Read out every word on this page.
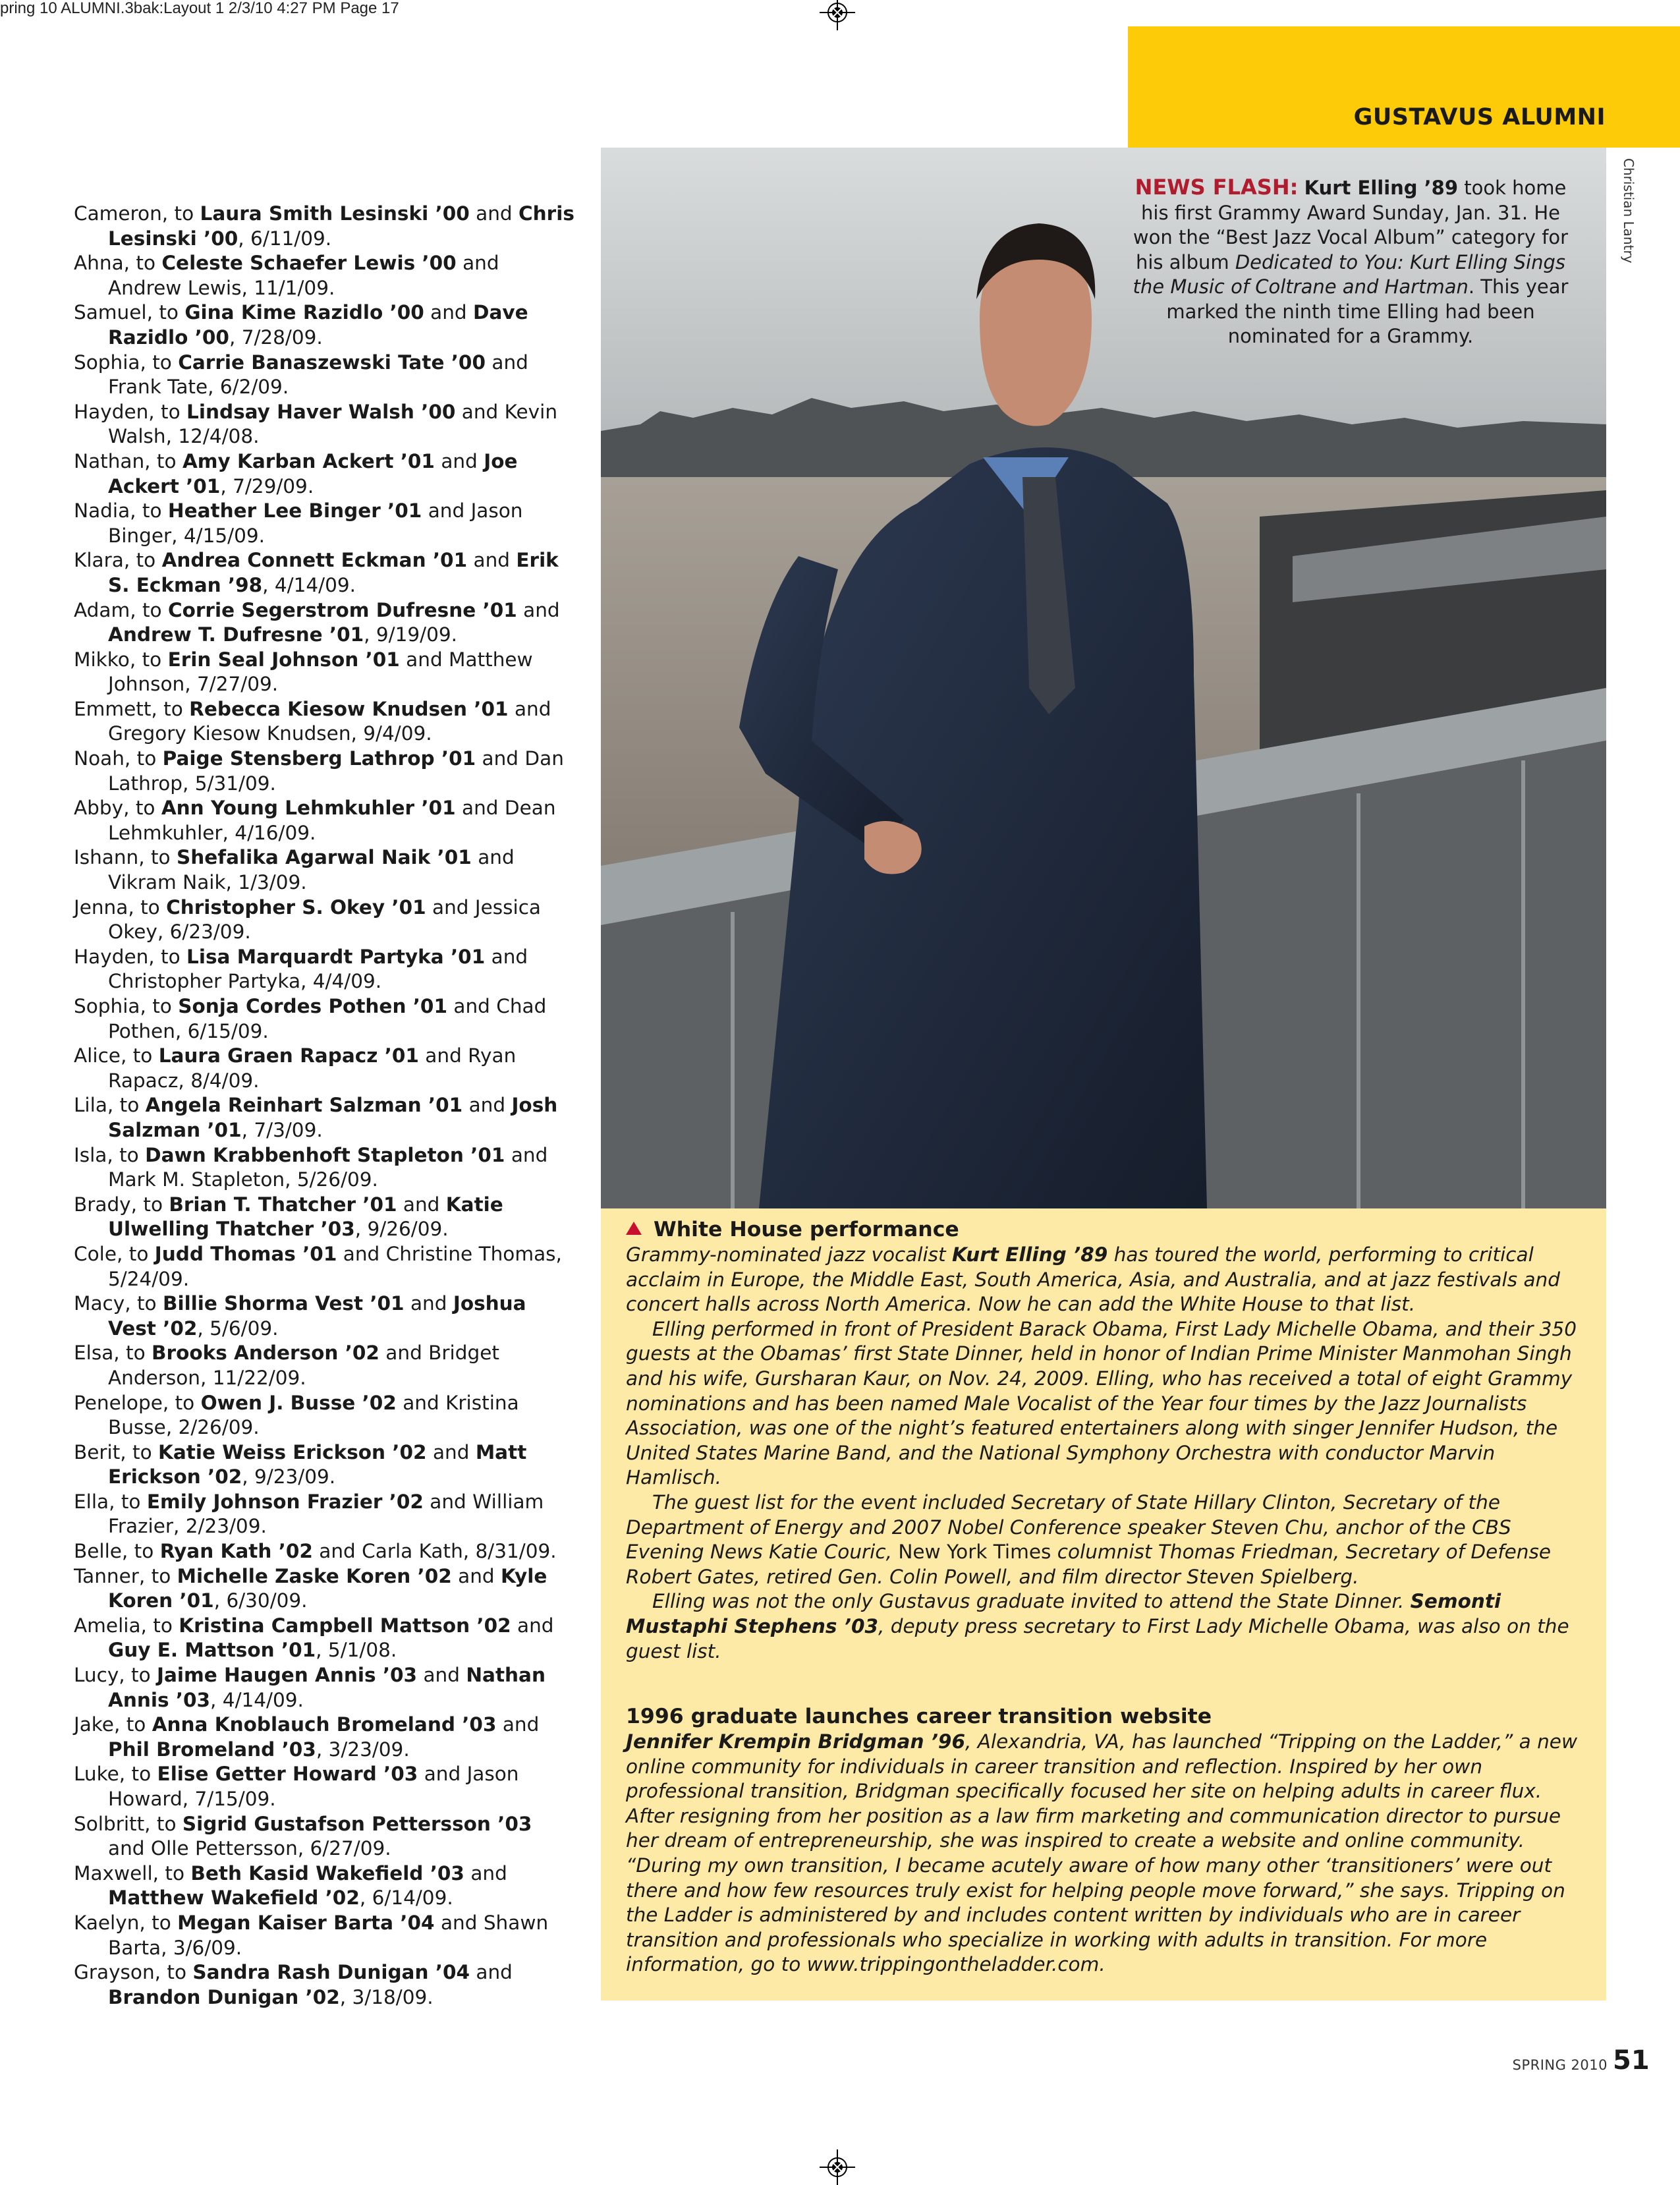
pring 10 ALUMNI.3bak:Layout 1 2/3/10 4:27 PM Page 17
GUSTAVUS ALUMNI
Christian Lantry
NEWS FLASH: Kurt Elling ’89 took home his first Grammy Award Sunday, Jan. 31. He won the “Best Jazz Vocal Album” category for his album Dedicated to You: Kurt Elling Sings the Music of Coltrane and Hartman. This year marked the ninth time Elling had been nominated for a Grammy.

Cameron, to Laura Smith Lesinski ’00 and Chris Lesinski ’00, 6/11/09.

Ahna, to Celeste Schaefer Lewis ’00 and Andrew Lewis, 11/1/09.

Samuel, to Gina Kime Razidlo ’00 and Dave Razidlo ’00, 7/28/09.

Sophia, to Carrie Banaszewski Tate ’00 and Frank Tate, 6/2/09.

Hayden, to Lindsay Haver Walsh ’00 and Kevin Walsh, 12/4/08.

Nathan, to Amy Karban Ackert ’01 and Joe Ackert ’01, 7/29/09.

Nadia, to Heather Lee Binger ’01 and Jason Binger, 4/15/09.

Klara, to Andrea Connett Eckman ’01 and Erik S. Eckman ’98, 4/14/09.

Adam, to Corrie Segerstrom Dufresne ’01 and Andrew T. Dufresne ’01, 9/19/09.

Mikko, to Erin Seal Johnson ’01 and Matthew Johnson, 7/27/09.

Emmett, to Rebecca Kiesow Knudsen ’01 and Gregory Kiesow Knudsen, 9/4/09.

Noah, to Paige Stensberg Lathrop ’01 and Dan Lathrop, 5/31/09.

Abby, to Ann Young Lehmkuhler ’01 and Dean Lehmkuhler, 4/16/09.

Ishann, to Shefalika Agarwal Naik ’01 and Vikram Naik, 1/3/09.

Jenna, to Christopher S. Okey ’01 and Jessica Okey, 6/23/09.

Hayden, to Lisa Marquardt Partyka ’01 and Christopher Partyka, 4/4/09.

Sophia, to Sonja Cordes Pothen ’01 and Chad Pothen, 6/15/09.

Alice, to Laura Graen Rapacz ’01 and Ryan Rapacz, 8/4/09.

Lila, to Angela Reinhart Salzman ’01 and Josh Salzman ’01, 7/3/09.

Isla, to Dawn Krabbenhoft Stapleton ’01 and Mark M. Stapleton, 5/26/09.

Brady, to Brian T. Thatcher ’01 and Katie Ulwelling Thatcher ’03, 9/26/09.

Cole, to Judd Thomas ’01 and Christine Thomas, 5/24/09.

Macy, to Billie Shorma Vest ’01 and Joshua Vest ’02, 5/6/09.

Elsa, to Brooks Anderson ’02 and Bridget Anderson, 11/22/09.

Penelope, to Owen J. Busse ’02 and Kristina Busse, 2/26/09.

Berit, to Katie Weiss Erickson ’02 and Matt Erickson ’02, 9/23/09.

Ella, to Emily Johnson Frazier ’02 and William Frazier, 2/23/09.

Belle, to Ryan Kath ’02 and Carla Kath, 8/31/09.

Tanner, to Michelle Zaske Koren ’02 and Kyle Koren ’01, 6/30/09.

Amelia, to Kristina Campbell Mattson ’02 and Guy E. Mattson ’01, 5/1/08.

Lucy, to Jaime Haugen Annis ’03 and Nathan Annis ’03, 4/14/09.

Jake, to Anna Knoblauch Bromeland ’03 and Phil Bromeland ’03, 3/23/09.

Luke, to Elise Getter Howard ’03 and Jason Howard, 7/15/09.

Solbritt, to Sigrid Gustafson Pettersson ’03 and Olle Pettersson, 6/27/09.

Maxwell, to Beth Kasid Wakefield ’03 and Matthew Wakefield ’02, 6/14/09.

Kaelyn, to Megan Kaiser Barta ’04 and Shawn Barta, 3/6/09.

Grayson, to Sandra Rash Dunigan ’04 and Brandon Dunigan ’02, 3/18/09.

White House performance

Grammy-nominated jazz vocalist Kurt Elling ’89 has toured the world, performing to critical acclaim in Europe, the Middle East, South America, Asia, and Australia, and at jazz festivals and concert halls across North America. Now he can add the White House to that list.

Elling performed in front of President Barack Obama, First Lady Michelle Obama, and their 350 guests at the Obamas’ first State Dinner, held in honor of Indian Prime Minister Manmohan Singh and his wife, Gursharan Kaur, on Nov. 24, 2009. Elling, who has received a total of eight Grammy nominations and has been named Male Vocalist of the Year four times by the Jazz Journalists Association, was one of the night’s featured entertainers along with singer Jennifer Hudson, the United States Marine Band, and the National Symphony Orchestra with conductor Marvin Hamlisch.

The guest list for the event included Secretary of State Hillary Clinton, Secretary of the Department of Energy and 2007 Nobel Conference speaker Steven Chu, anchor of the CBS Evening News Katie Couric, New York Times columnist Thomas Friedman, Secretary of Defense Robert Gates, retired Gen. Colin Powell, and film director Steven Spielberg.

Elling was not the only Gustavus graduate invited to attend the State Dinner. Semonti Mustaphi Stephens ’03, deputy press secretary to First Lady Michelle Obama, was also on the guest list.

1996 graduate launches career transition website

Jennifer Krempin Bridgman ’96, Alexandria, VA, has launched “Tripping on the Ladder,” a new online community for individuals in career transition and reflection. Inspired by her own professional transition, Bridgman specifically focused her site on helping adults in career flux. After resigning from her position as a law firm marketing and communication director to pursue her dream of entrepreneurship, she was inspired to create a website and online community. “During my own transition, I became acutely aware of how many other ‘transitioners’ were out there and how few resources truly exist for helping people move forward,” she says. Tripping on the Ladder is administered by and includes content written by individuals who are in career transition and professionals who specialize in working with adults in transition. For more information, go to www.trippingontheladder.com.

SPRING 2010 51
